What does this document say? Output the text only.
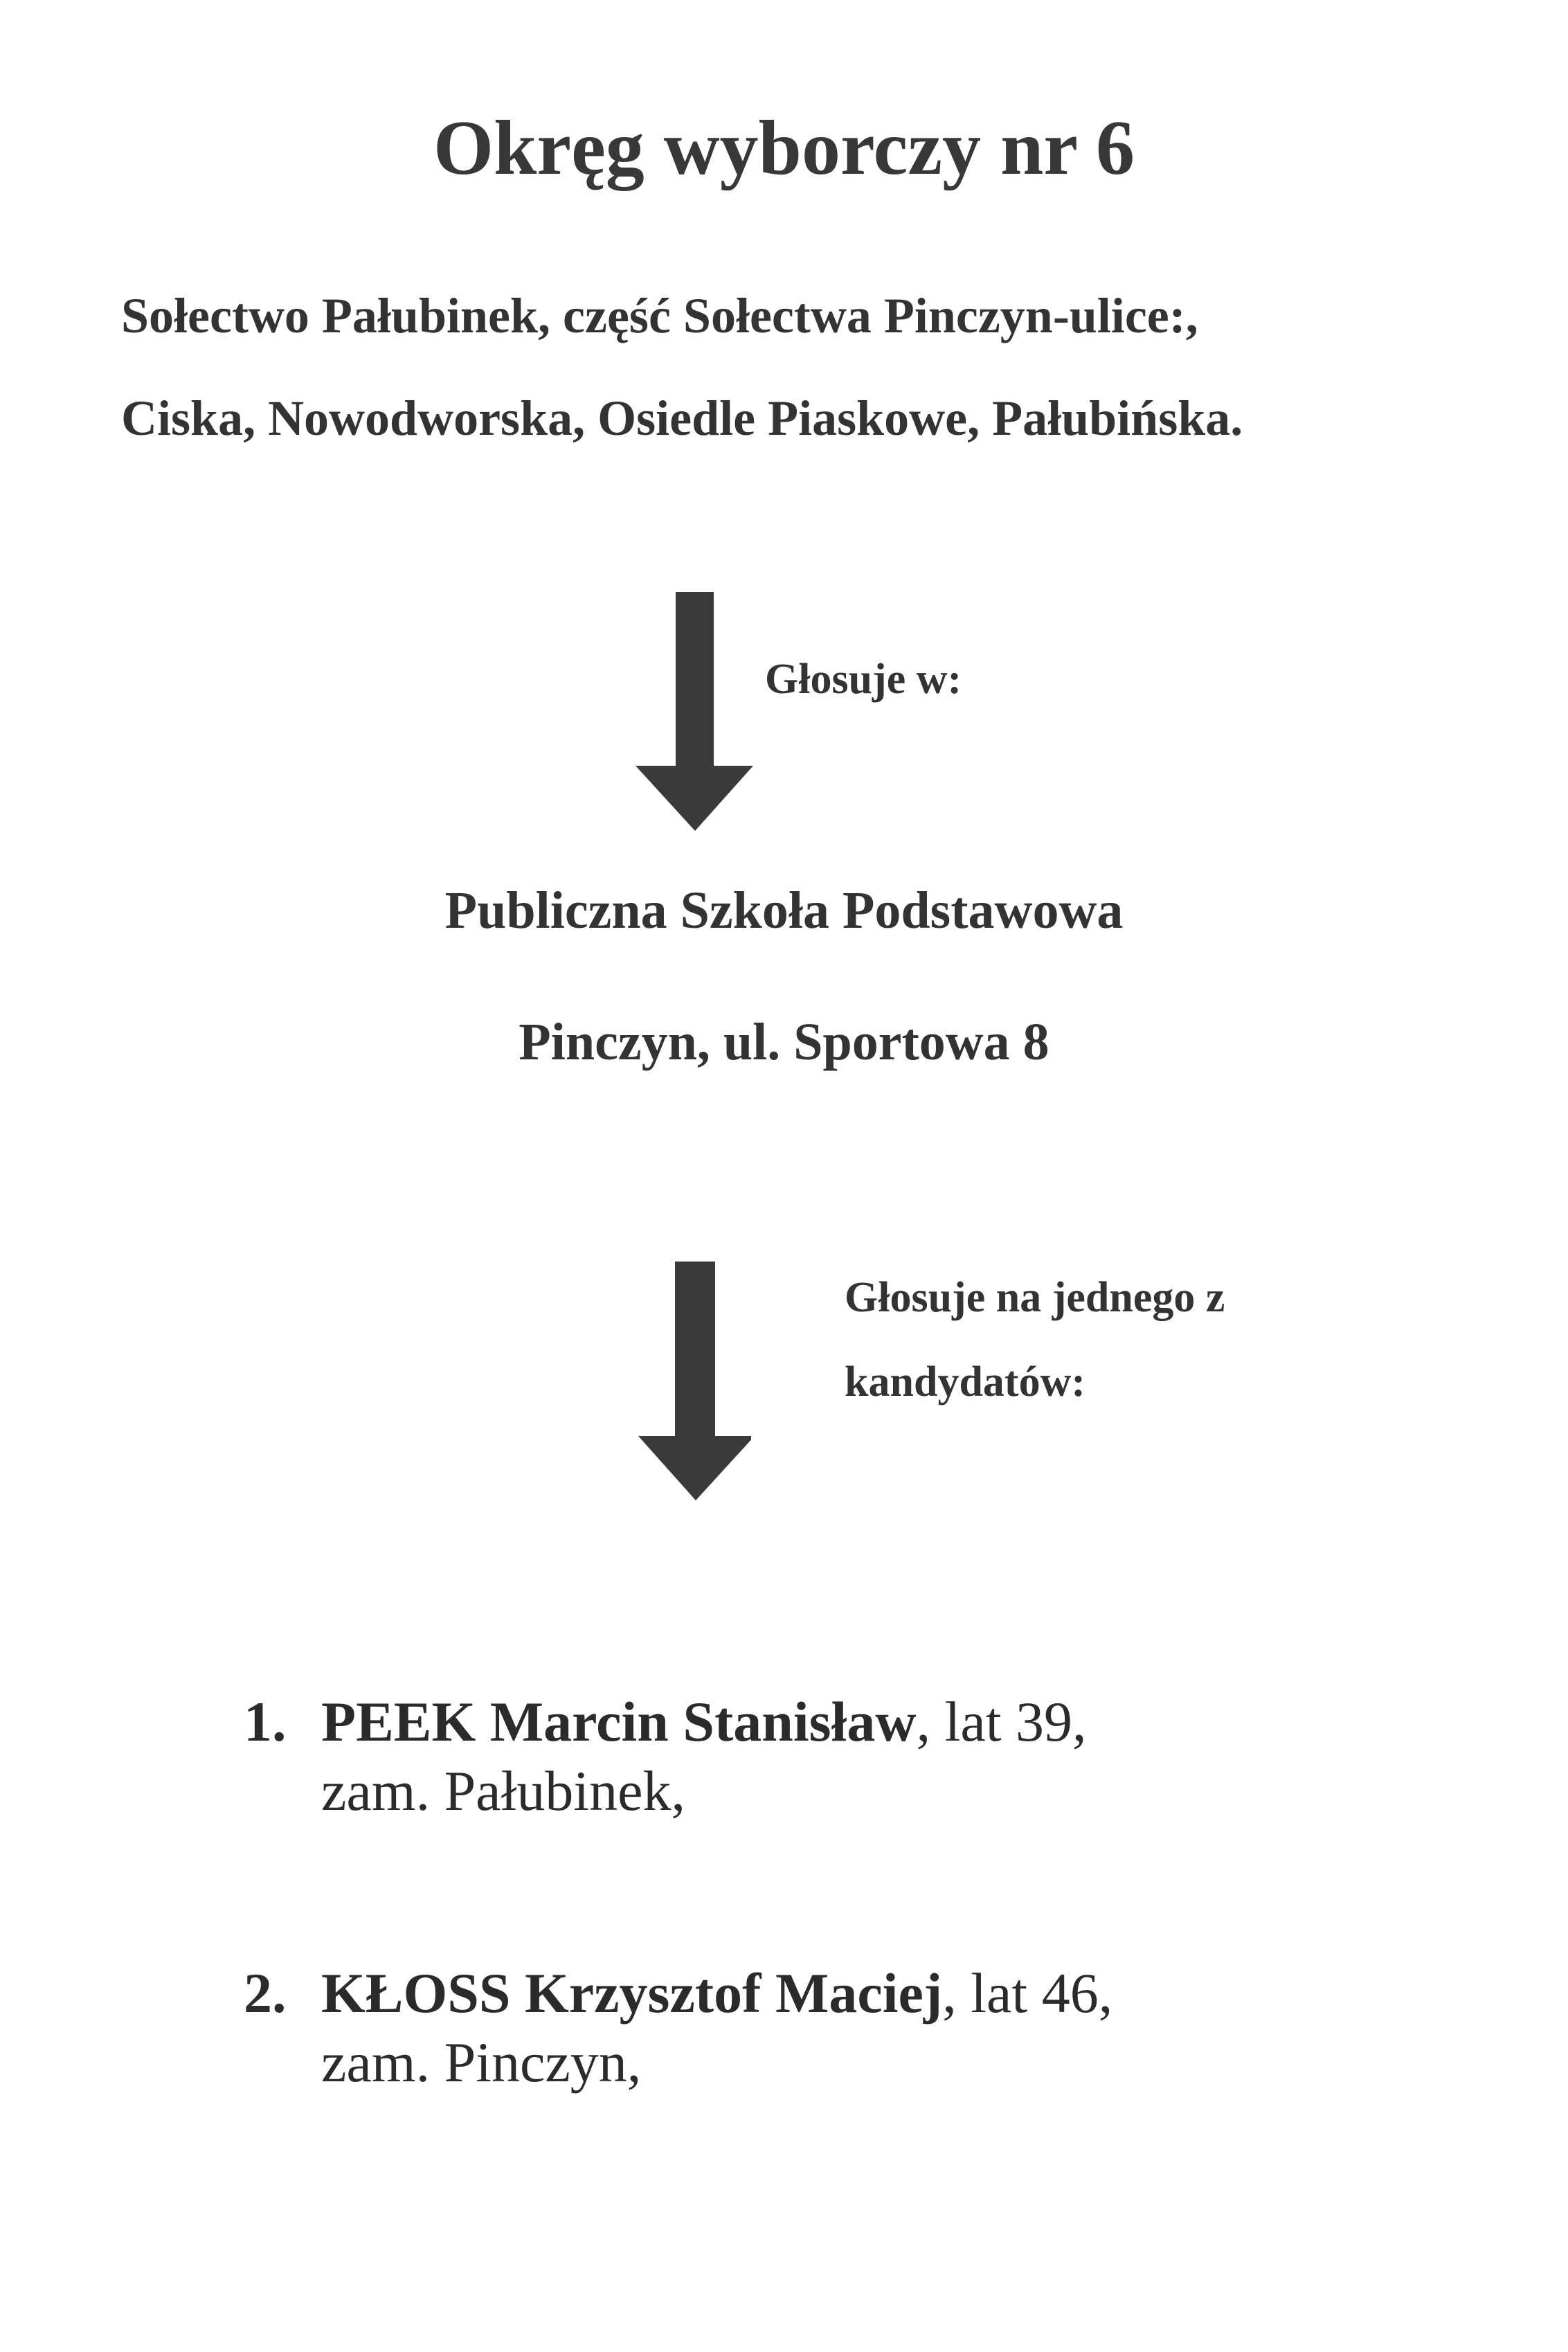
Okręg wyborczy nr 6
Sołectwo Pałubinek, część Sołectwa Pinczyn-ulice:,
Ciska, Nowodworska, Osiedle Piaskowe, Pałubińska.
Głosuje w:
Publiczna Szkoła Podstawowa
Pinczyn, ul. Sportowa 8
Głosuje na jednego z
kandydatów:
1. PEEK Marcin Stanisław, lat 39,
zam. Pałubinek,
2. KŁOSS Krzysztof Maciej, lat 46,
zam. Pinczyn,
